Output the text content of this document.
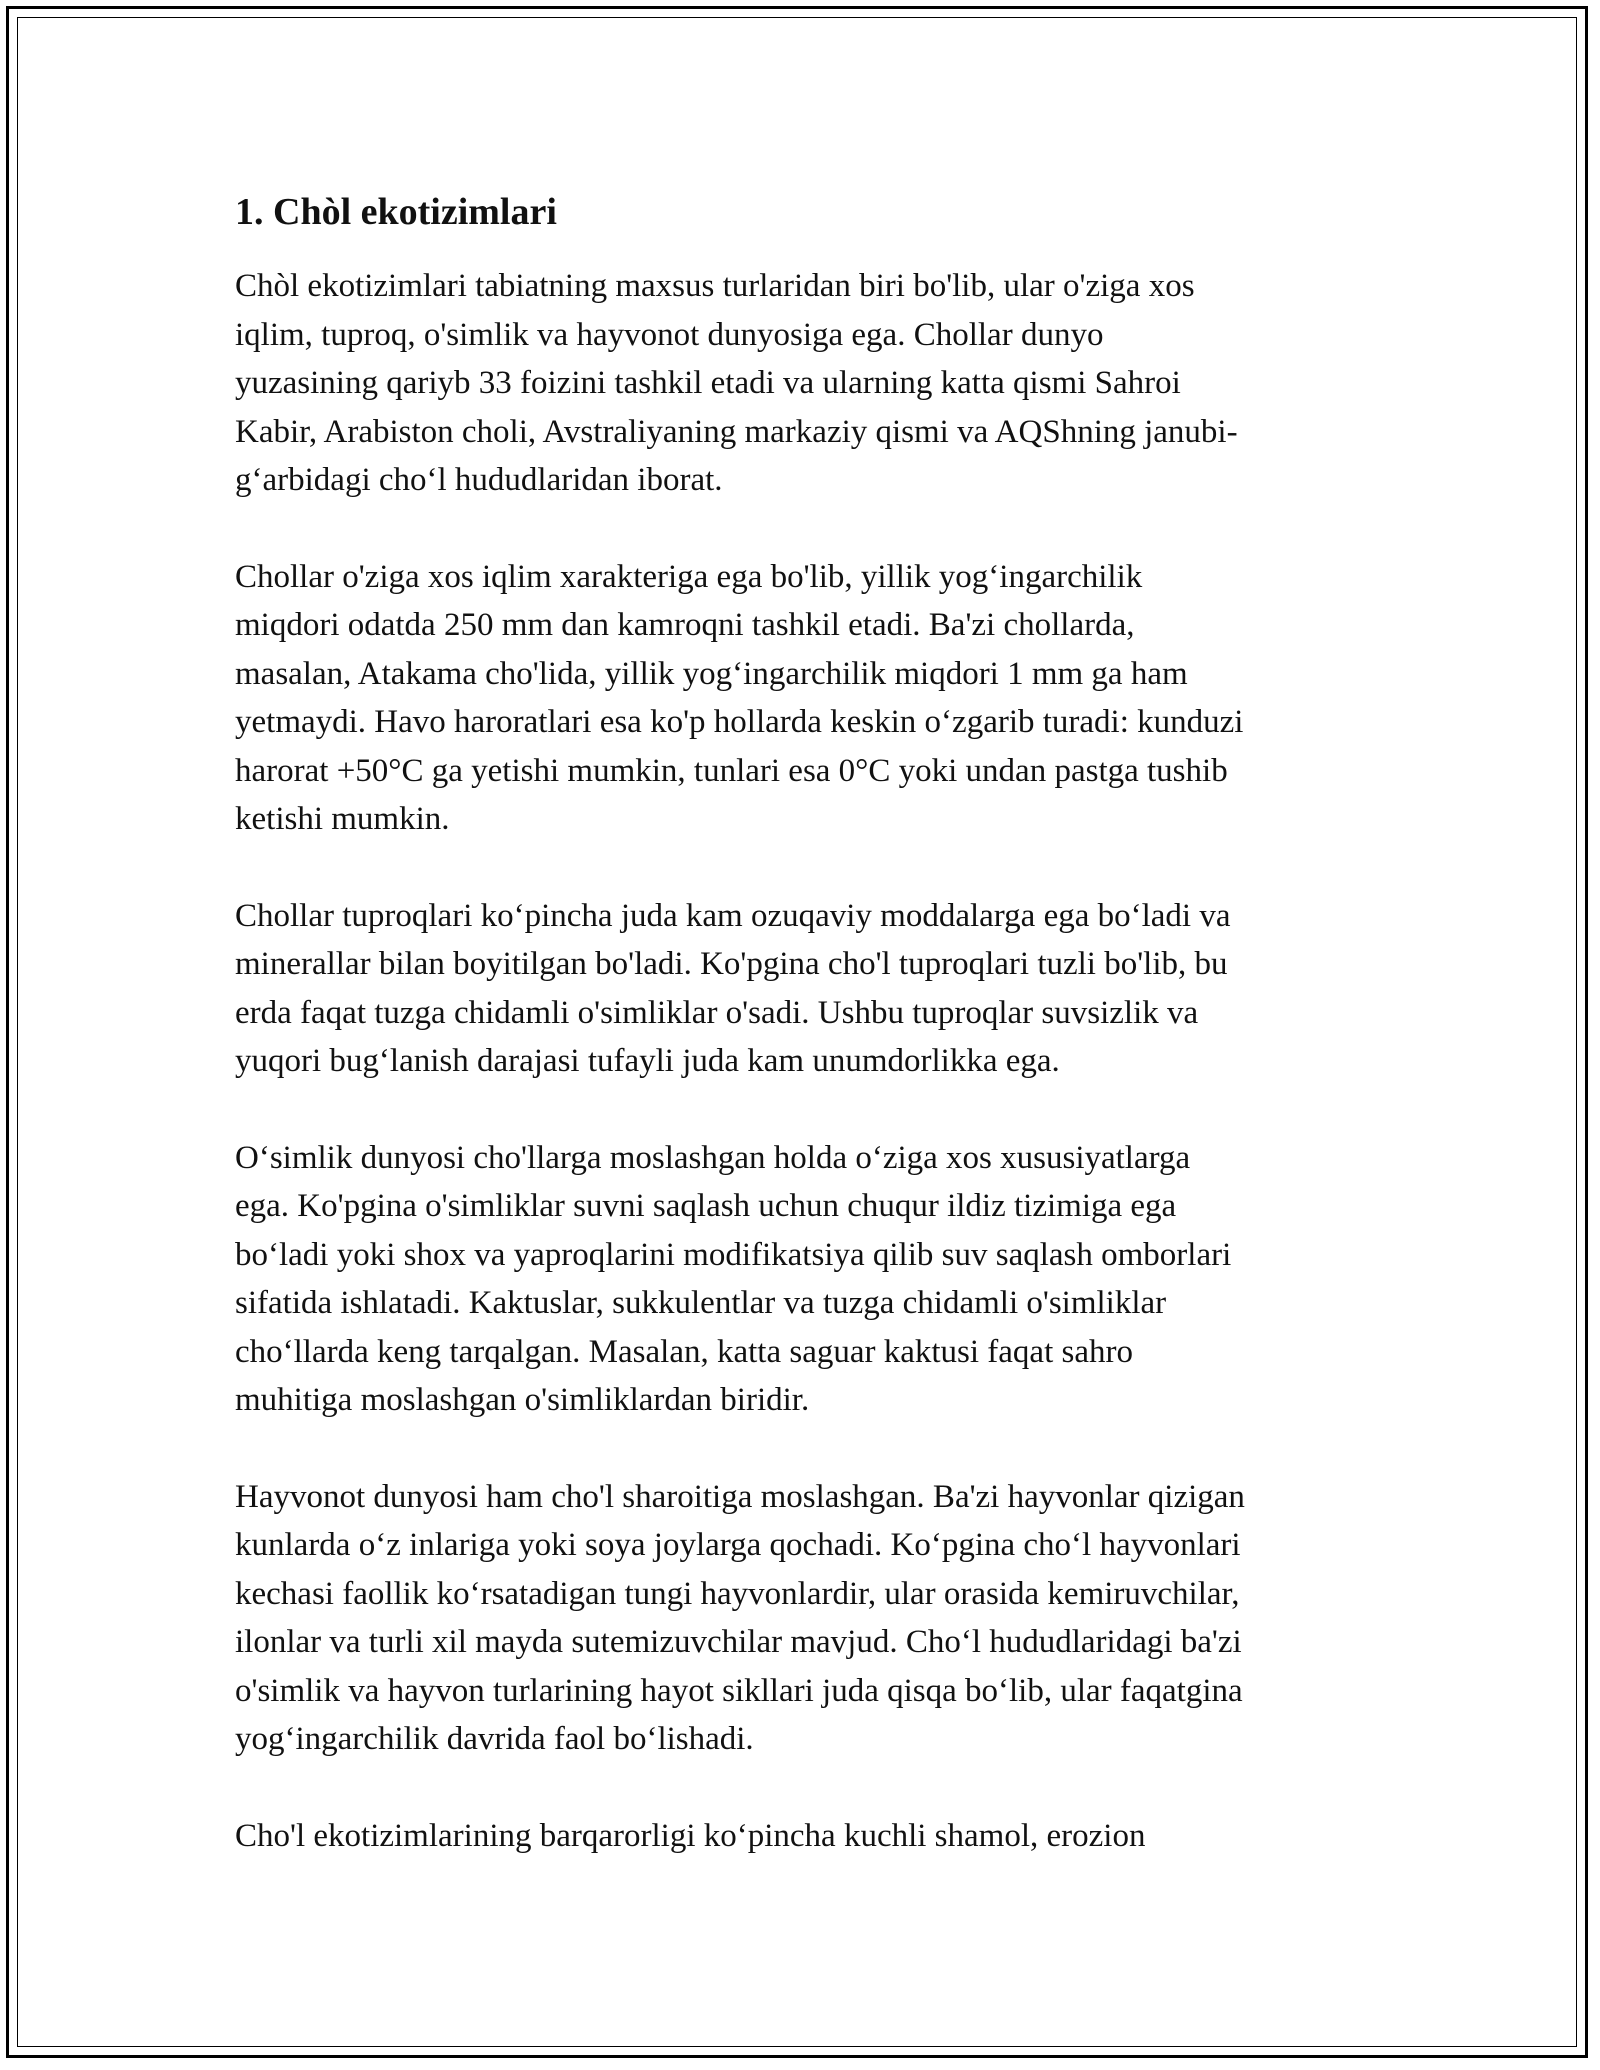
1. Chòl ekotizimlari

Chòl ekotizimlari tabiatning maxsus turlaridan biri bo'lib, ular o'ziga xos
iqlim, tuproq, o'simlik va hayvonot dunyosiga ega. Chollar dunyo
yuzasining qariyb 33 foizini tashkil etadi va ularning katta qismi Sahroi
Kabir, Arabiston choli, Avstraliyaning markaziy qismi va AQShning janubi-
g‘arbidagi cho‘l hududlaridan iborat.

Chollar o'ziga xos iqlim xarakteriga ega bo'lib, yillik yog‘ingarchilik
miqdori odatda 250 mm dan kamroqni tashkil etadi. Ba'zi chollarda,
masalan, Atakama cho'lida, yillik yog‘ingarchilik miqdori 1 mm ga ham
yetmaydi. Havo haroratlari esa ko'p hollarda keskin o‘zgarib turadi: kunduzi
harorat +50°C ga yetishi mumkin, tunlari esa 0°C yoki undan pastga tushib
ketishi mumkin.

Chollar tuproqlari ko‘pincha juda kam ozuqaviy moddalarga ega bo‘ladi va
minerallar bilan boyitilgan bo'ladi. Ko'pgina cho'l tuproqlari tuzli bo'lib, bu
erda faqat tuzga chidamli o'simliklar o'sadi. Ushbu tuproqlar suvsizlik va
yuqori bug‘lanish darajasi tufayli juda kam unumdorlikka ega.

O‘simlik dunyosi cho'llarga moslashgan holda o‘ziga xos xususiyatlarga
ega. Ko'pgina o'simliklar suvni saqlash uchun chuqur ildiz tizimiga ega
bo‘ladi yoki shox va yaproqlarini modifikatsiya qilib suv saqlash omborlari
sifatida ishlatadi. Kaktuslar, sukkulentlar va tuzga chidamli o'simliklar
cho‘llarda keng tarqalgan. Masalan, katta saguar kaktusi faqat sahro
muhitiga moslashgan o'simliklardan biridir.

Hayvonot dunyosi ham cho'l sharoitiga moslashgan. Ba'zi hayvonlar qizigan
kunlarda o‘z inlariga yoki soya joylarga qochadi. Ko‘pgina cho‘l hayvonlari
kechasi faollik ko‘rsatadigan tungi hayvonlardir, ular orasida kemiruvchilar,
ilonlar va turli xil mayda sutemizuvchilar mavjud. Cho‘l hududlaridagi ba'zi
o'simlik va hayvon turlarining hayot sikllari juda qisqa bo‘lib, ular faqatgina
yog‘ingarchilik davrida faol bo‘lishadi.

Cho'l ekotizimlarining barqarorligi ko‘pincha kuchli shamol, erozion
